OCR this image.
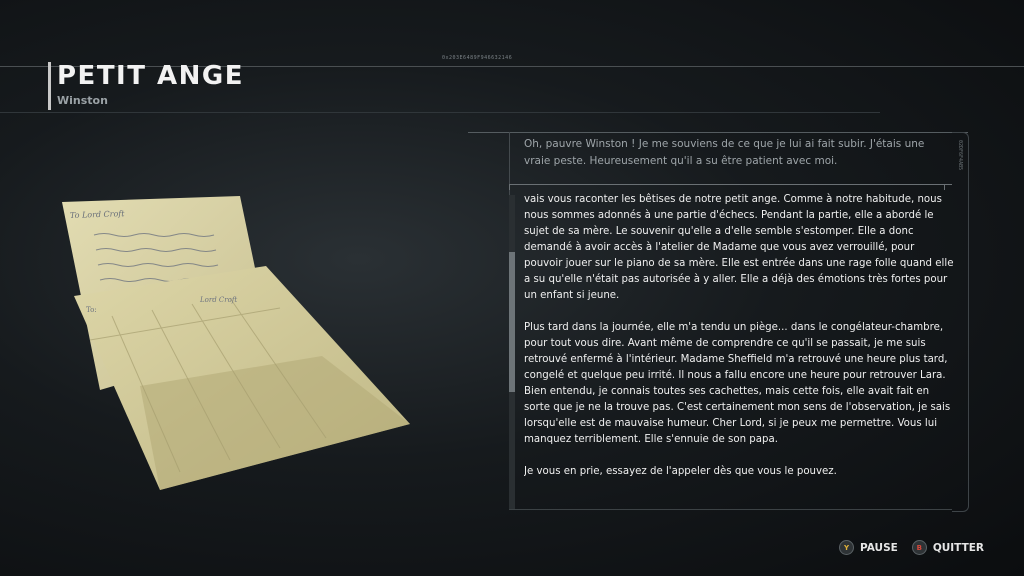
0x203E6489F946632146
PETIT ANGE
Winston
To Lord Croft
To:
Lord Croft
02DF6F4AB5
Oh, pauvre Winston ! Je me souviens de ce que je lui ai fait subir. J'étais une vraie peste. Heureusement qu'il a su être patient avec moi.

vais vous raconter les bêtises de notre petit ange. Comme à notre habitude, nous nous sommes adonnés à une partie d'échecs. Pendant la partie, elle a abordé le sujet de sa mère. Le souvenir qu'elle a d'elle semble s'estomper. Elle a donc demandé à avoir accès à l'atelier de Madame que vous avez verrouillé, pour pouvoir jouer sur le piano de sa mère. Elle est entrée dans une rage folle quand elle a su qu'elle n'était pas autorisée à y aller. Elle a déjà des émotions très fortes pour un enfant si jeune.

Plus tard dans la journée, elle m'a tendu un piège... dans le congélateur-chambre, pour tout vous dire. Avant même de comprendre ce qu'il se passait, je me suis retrouvé enfermé à l'intérieur. Madame Sheffield m'a retrouvé une heure plus tard, congelé et quelque peu irrité. Il nous a fallu encore une heure pour retrouver Lara. Bien entendu, je connais toutes ses cachettes, mais cette fois, elle avait fait en sorte que je ne la trouve pas. C'est certainement mon sens de l'observation, je sais lorsqu'elle est de mauvaise humeur. Cher Lord, si je peux me permettre. Vous lui manquez terriblement. Elle s'ennuie de son papa.

Je vous en prie, essayez de l'appeler dès que vous le pouvez.

Y	PAUSE	B	QUITTER
